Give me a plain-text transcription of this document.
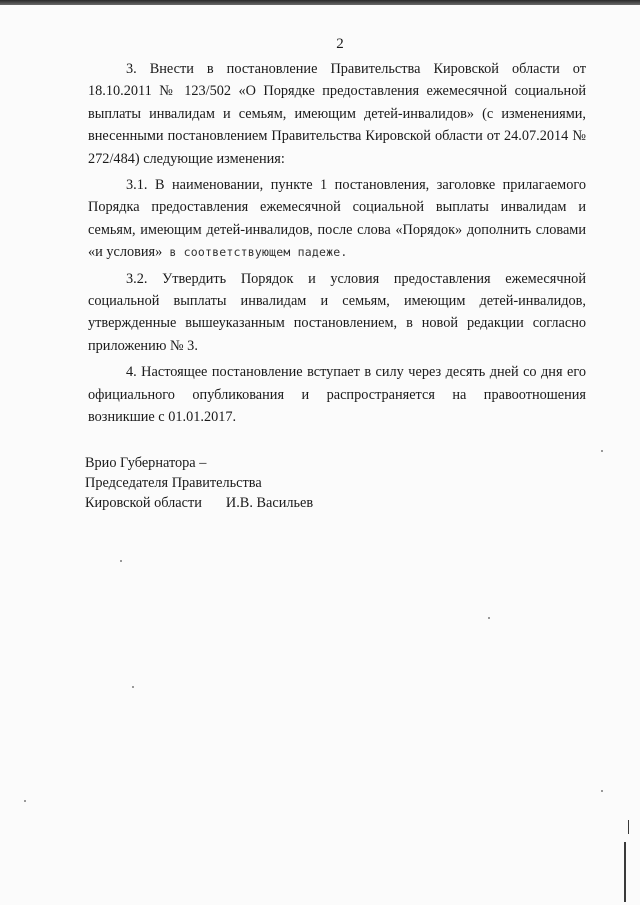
2

3. Внести в постановление Правительства Кировской области от 18.10.2011 № 123/502 «О Порядке предоставления ежемесячной социальной выплаты инвалидам и семьям, имеющим детей-инвалидов» (с изменениями, внесенными постановлением Правительства Кировской области от 24.07.2014 № 272/484) следующие изменения:

3.1. В наименовании, пункте 1 постановления, заголовке прилагаемого Порядка предоставления ежемесячной социальной выплаты инвалидам и семьям, имеющим детей-инвалидов, после слова «Порядок» дополнить словами «и условия» в соответствующем падеже.

3.2. Утвердить Порядок и условия предоставления ежемесячной социальной выплаты инвалидам и семьям, имеющим детей-инвалидов, утвержденные вышеуказанным постановлением, в новой редакции согласно приложению № 3.

4. Настоящее постановление вступает в силу через десять дней со дня его официального опубликования и распространяется на правоотношения возникшие с 01.01.2017.

Врио Губернатора –

Председателя Правительства

Кировской области И.В. Васильев
